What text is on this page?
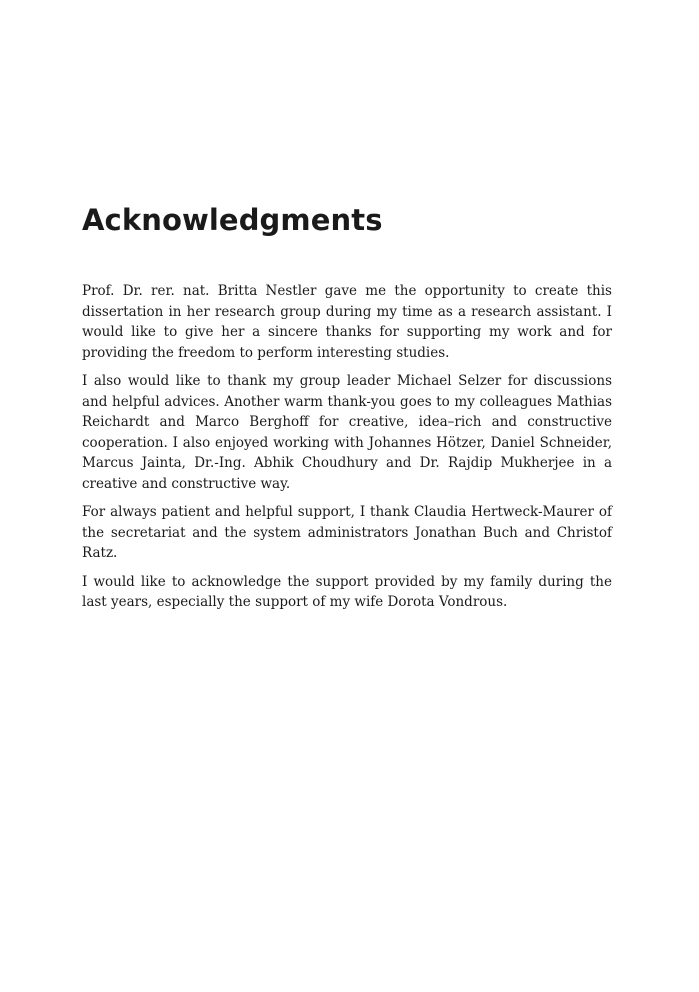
Acknowledgments

Prof. Dr. rer. nat. Britta Nestler gave me the opportunity to create this dissertation in her research group during my time as a research assistant. I would like to give her a sincere thanks for supporting my work and for providing the freedom to perform interesting studies.

I also would like to thank my group leader Michael Selzer for discussions and helpful advices. Another warm thank-you goes to my colleagues Mathias Reichardt and Marco Berghoff for creative, idea–rich and constructive cooperation. I also enjoyed working with Johannes Hötzer, Daniel Schneider, Marcus Jainta, Dr.-Ing. Abhik Choudhury and Dr. Rajdip Mukherjee in a creative and constructive way.

For always patient and helpful support, I thank Claudia Hertweck-Maurer of the secretariat and the system administrators Jonathan Buch and Christof Ratz.

I would like to acknowledge the support provided by my family during the last years, especially the support of my wife Dorota Vondrous.
